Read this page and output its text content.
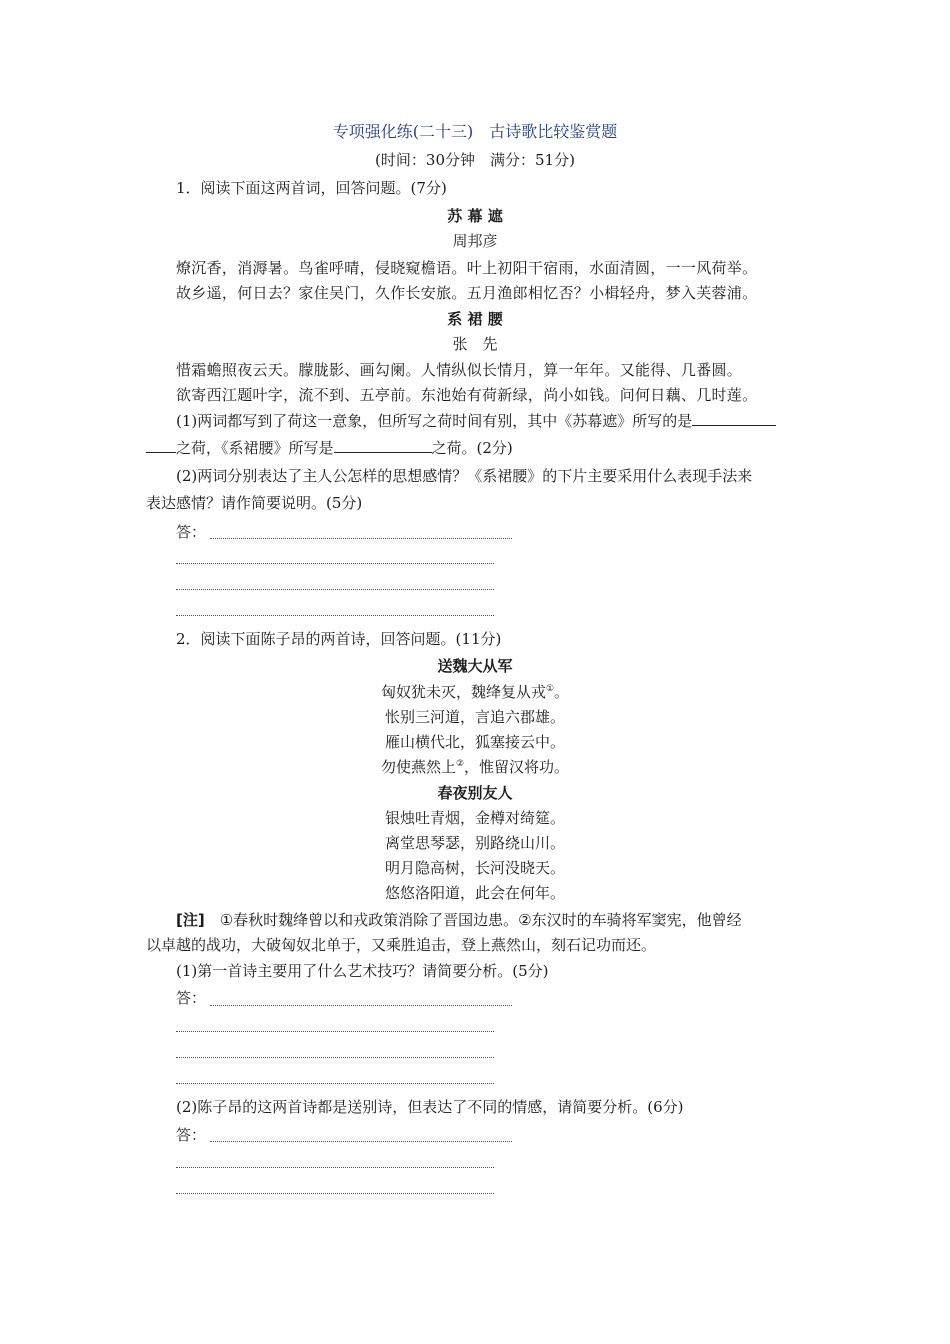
专项强化练(二十三)　古诗歌比较鉴赏题
(时间：30分钟　满分：51分)
1．阅读下面这两首词，回答问题。(7分)
苏 幕 遮
周邦彦
燎沉香，消溽暑。鸟雀呼晴，侵晓窥檐语。叶上初阳干宿雨，水面清圆，一一风荷举。
故乡遥，何日去？家住吴门，久作长安旅。五月渔郎相忆否？小楫轻舟，梦入芙蓉浦。
系 裙 腰
张　先
惜霜蟾照夜云天。朦胧影、画勾阑。人情纵似长情月，算一年年。又能得、几番圆。
欲寄西江题叶字，流不到、五亭前。东池始有荷新绿，尚小如钱。问何日藕、几时莲。
(1)两词都写到了荷这一意象，但所写之荷时间有别，其中《苏幕遮》所写的是
之荷，《系裙腰》所写是	之荷。(2分)
(2)两词分别表达了主人公怎样的思想感情？《系裙腰》的下片主要采用什么表现手法来
表达感情？请作简要说明。(5分)
答：
2．阅读下面陈子昂的两首诗，回答问题。(11分)
送魏大从军
匈奴犹未灭，魏绛复从戎①。
怅别三河道，言追六郡雄。
雁山横代北，狐塞接云中。
勿使燕然上②，惟留汉将功。
春夜别友人
银烛吐青烟，金樽对绮筵。
离堂思琴瑟，别路绕山川。
明月隐高树，长河没晓天。
悠悠洛阳道，此会在何年。
[注]　①春秋时魏绛曾以和戎政策消除了晋国边患。②东汉时的车骑将军窦宪，他曾经
以卓越的战功，大破匈奴北单于，又乘胜追击，登上燕然山，刻石记功而还。
(1)第一首诗主要用了什么艺术技巧？请简要分析。(5分)
答：
(2)陈子昂的这两首诗都是送别诗，但表达了不同的情感，请简要分析。(6分)
答：
